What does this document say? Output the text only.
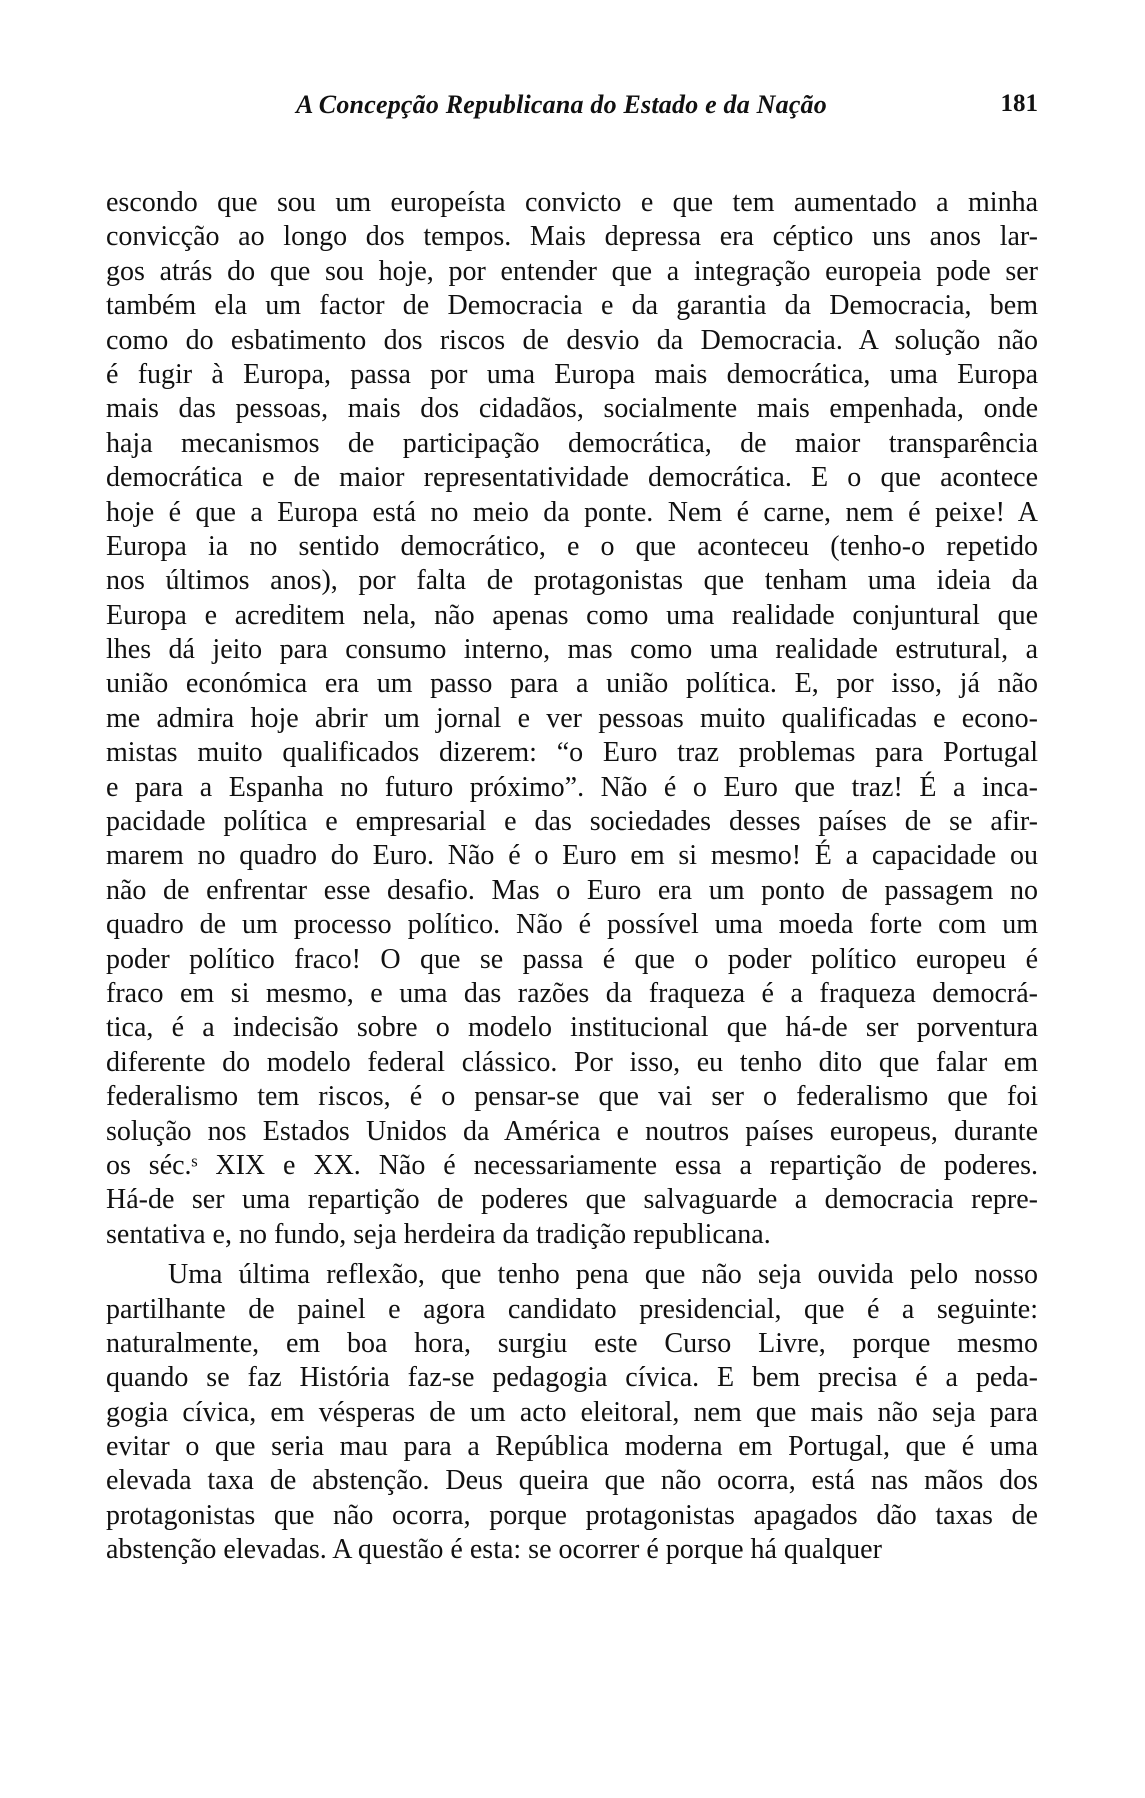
A Concepção Republicana do Estado e da Nação	181
escondo que sou um europeísta convicto e que tem aumentado a minha
convicção ao longo dos tempos. Mais depressa era céptico uns anos lar-
gos atrás do que sou hoje, por entender que a integração europeia pode ser
também ela um factor de Democracia e da garantia da Democracia, bem
como do esbatimento dos riscos de desvio da Democracia. A solução não
é fugir à Europa, passa por uma Europa mais democrática, uma Europa
mais das pessoas, mais dos cidadãos, socialmente mais empenhada, onde
haja mecanismos de participação democrática, de maior transparência
democrática e de maior representatividade democrática. E o que acontece
hoje é que a Europa está no meio da ponte. Nem é carne, nem é peixe! A
Europa ia no sentido democrático, e o que aconteceu (tenho-o repetido
nos últimos anos), por falta de protagonistas que tenham uma ideia da
Europa e acreditem nela, não apenas como uma realidade conjuntural que
lhes dá jeito para consumo interno, mas como uma realidade estrutural, a
união económica era um passo para a união política. E, por isso, já não
me admira hoje abrir um jornal e ver pessoas muito qualificadas e econo-
mistas muito qualificados dizerem: “o Euro traz problemas para Portugal
e para a Espanha no futuro próximo”. Não é o Euro que traz! É a inca-
pacidade política e empresarial e das sociedades desses países de se afir-
marem no quadro do Euro. Não é o Euro em si mesmo! É a capacidade ou
não de enfrentar esse desafio. Mas o Euro era um ponto de passagem no
quadro de um processo político. Não é possível uma moeda forte com um
poder político fraco! O que se passa é que o poder político europeu é
fraco em si mesmo, e uma das razões da fraqueza é a fraqueza democrá-
tica, é a indecisão sobre o modelo institucional que há-de ser porventura
diferente do modelo federal clássico. Por isso, eu tenho dito que falar em
federalismo tem riscos, é o pensar-se que vai ser o federalismo que foi
solução nos Estados Unidos da América e noutros países europeus, durante
os séc.ˢ XIX e XX. Não é necessariamente essa a repartição de poderes.
Há-de ser uma repartição de poderes que salvaguarde a democracia repre-
sentativa e, no fundo, seja herdeira da tradição republicana.
Uma última reflexão, que tenho pena que não seja ouvida pelo nosso
partilhante de painel e agora candidato presidencial, que é a seguinte:
naturalmente, em boa hora, surgiu este Curso Livre, porque mesmo
quando se faz História faz-se pedagogia cívica. E bem precisa é a peda-
gogia cívica, em vésperas de um acto eleitoral, nem que mais não seja para
evitar o que seria mau para a República moderna em Portugal, que é uma
elevada taxa de abstenção. Deus queira que não ocorra, está nas mãos dos
protagonistas que não ocorra, porque protagonistas apagados dão taxas de
abstenção elevadas. A questão é esta: se ocorrer é porque há qualquer
